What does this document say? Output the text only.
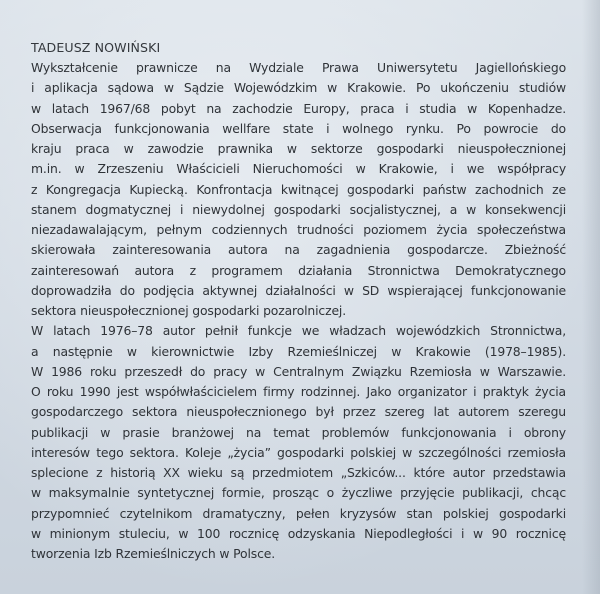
TADEUSZ NOWIŃSKI
Wykształcenie prawnicze na Wydziale Prawa Uniwersytetu Jagiellońskiego
i aplikacja sądowa w Sądzie Wojewódzkim w Krakowie. Po ukończeniu studiów
w latach 1967/68 pobyt na zachodzie Europy, praca i studia w Kopenhadze.
Obserwacja funkcjonowania wellfare state i wolnego rynku. Po powrocie do
kraju praca w zawodzie prawnika w sektorze gospodarki nieuspołecznionej
m.in. w Zrzeszeniu Właścicieli Nieruchomości w Krakowie, i we współpracy
z Kongregacja Kupiecką. Konfrontacja kwitnącej gospodarki państw zachodnich ze
stanem dogmatycznej i niewydolnej gospodarki socjalistycznej, a w konsekwencji
niezadawalającym, pełnym codziennych trudności poziomem życia społeczeństwa
skierowała zainteresowania autora na zagadnienia gospodarcze. Zbieżność
zainteresowań autora z programem działania Stronnictwa Demokratycznego
doprowadziła do podjęcia aktywnej działalności w SD wspierającej funkcjonowanie
sektora nieuspołecznionej gospodarki pozarolniczej.
W latach 1976–78 autor pełnił funkcje we władzach wojewódzkich Stronnictwa,
a następnie w kierownictwie Izby Rzemieślniczej w Krakowie (1978–1985).
W 1986 roku przeszedł do pracy w Centralnym Związku Rzemiosła w Warszawie.
O roku 1990 jest współwłaścicielem firmy rodzinnej. Jako organizator i praktyk życia
gospodarczego sektora nieuspołecznionego był przez szereg lat autorem szeregu
publikacji w prasie branżowej na temat problemów funkcjonowania i obrony
interesów tego sektora. Koleje „życia” gospodarki polskiej w szczególności rzemiosła
splecione z historią XX wieku są przedmiotem „Szkiców... które autor przedstawia
w maksymalnie syntetycznej formie, prosząc o życzliwe przyjęcie publikacji, chcąc
przypomnieć czytelnikom dramatyczny, pełen kryzysów stan polskiej gospodarki
w minionym stuleciu, w 100 rocznicę odzyskania Niepodległości i w 90 rocznicę
tworzenia Izb Rzemieślniczych w Polsce.
